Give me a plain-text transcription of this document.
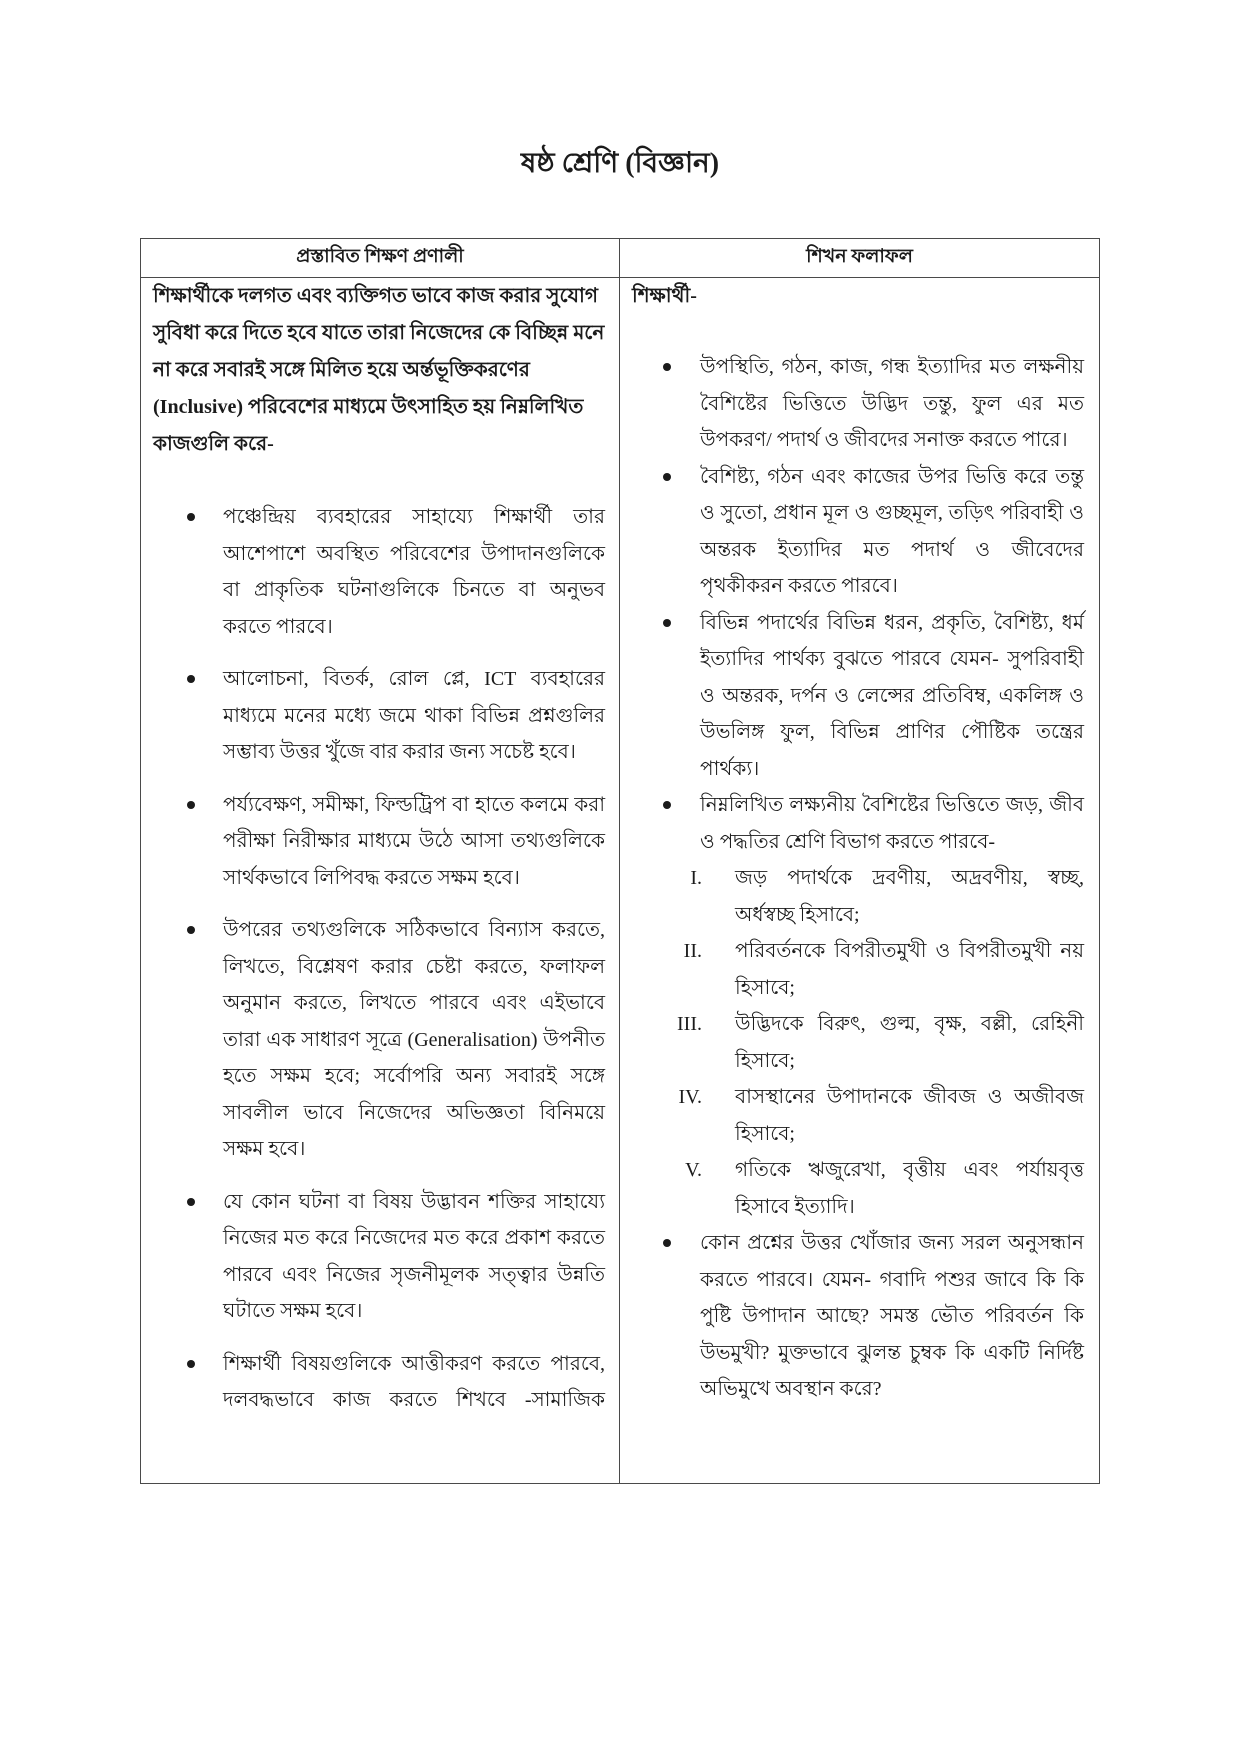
ষষ্ঠ শ্রেণি (বিজ্ঞান)
প্রস্তাবিত শিক্ষণ প্রণালী	শিখন ফলাফল

শিক্ষার্থীকে দলগত এবং ব্যক্তিগত ভাবে কাজ করার সুযোগ সুবিধা করে দিতে হবে যাতে তারা নিজেদের কে বিচ্ছিন্ন মনে না করে সবারই সঙ্গে মিলিত হয়ে অর্ন্তভূক্তিকরণের (Inclusive) পরিবেশের মাধ্যমে উৎসাহিত হয় নিম্নলিখিত কাজগুলি করে-

পঞ্চেন্দ্রিয় ব্যবহারের সাহায্যে শিক্ষার্থী তার আশেপাশে অবস্থিত পরিবেশের উপাদানগুলিকে বা প্রাকৃতিক ঘটনাগুলিকে চিনতে বা অনুভব করতে পারবে।
আলোচনা, বিতর্ক, রোল প্লে, ICT ব্যবহারের মাধ্যমে মনের মধ্যে জমে থাকা বিভিন্ন প্রশ্নগুলির সম্ভাব্য উত্তর খুঁজে বার করার জন্য সচেষ্ট হবে।
পর্য্যবেক্ষণ, সমীক্ষা, ফিল্ডট্রিপ বা হাতে কলমে করা পরীক্ষা নিরীক্ষার মাধ্যমে উঠে আসা তথ্যগুলিকে সার্থকভাবে লিপিবদ্ধ করতে সক্ষম হবে।
উপরের তথ্যগুলিকে সঠিকভাবে বিন্যাস করতে, লিখতে, বিশ্লেষণ করার চেষ্টা করতে, ফলাফল অনুমান করতে, লিখতে পারবে এবং এইভাবে তারা এক সাধারণ সূত্রে (Generalisation) উপনীত হতে সক্ষম হবে; সর্বোপরি অন্য সবারই সঙ্গে সাবলীল ভাবে নিজেদের অভিজ্ঞতা বিনিময়ে সক্ষম হবে।
যে কোন ঘটনা বা বিষয় উদ্ভাবন শক্তির সাহায্যে নিজের মত করে নিজেদের মত করে প্রকাশ করতে পারবে এবং নিজের সৃজনীমূলক সত্ত্বার উন্নতি ঘটাতে সক্ষম হবে।
শিক্ষার্থী বিষয়গুলিকে আত্তীকরণ করতে পারবে, দলবদ্ধভাবে কাজ করতে শিখবে -সামাজিক

শিক্ষার্থী-

উপস্থিতি, গঠন, কাজ, গন্ধ ইত্যাদির মত লক্ষনীয় বৈশিষ্টের ভিত্তিতে উদ্ভিদ তন্তু, ফুল এর মত উপকরণ/ পদার্থ ও জীবদের সনাক্ত করতে পারে।
বৈশিষ্ট্য, গঠন এবং কাজের উপর ভিত্তি করে তন্তু ও সুতো, প্রধান মূল ও গুচ্ছমূল, তড়িৎ পরিবাহী ও অন্তরক ইত্যাদির মত পদার্থ ও জীবেদের পৃথকীকরন করতে পারবে।
বিভিন্ন পদার্থের বিভিন্ন ধরন, প্রকৃতি, বৈশিষ্ট্য, ধর্ম ইত্যাদির পার্থক্য বুঝতে পারবে যেমন- সুপরিবাহী ও অন্তরক, দর্পন ও লেন্সের প্রতিবিম্ব, একলিঙ্গ ও উভলিঙ্গ ফুল, বিভিন্ন প্রাণির পৌষ্টিক তন্ত্রের পার্থক্য।
নিম্নলিখিত লক্ষ্যনীয় বৈশিষ্টের ভিত্তিতে জড়, জীব ও পদ্ধতির শ্রেণি বিভাগ করতে পারবে-
I. জড় পদার্থকে দ্রবণীয়, অদ্রবণীয়, স্বচ্ছ, অর্ধস্বচ্ছ হিসাবে;
II. পরিবর্তনকে বিপরীতমুখী ও বিপরীতমুখী নয় হিসাবে;
III. উদ্ভিদকে বিরুৎ, গুল্ম, বৃক্ষ, বল্লী, রেহিনী হিসাবে;
IV. বাসস্থানের উপাদানকে জীবজ ও অজীবজ হিসাবে;
V. গতিকে ঋজুরেখা, বৃত্তীয় এবং পর্যায়বৃত্ত হিসাবে ইত্যাদি।
কোন প্রশ্নের উত্তর খোঁজার জন্য সরল অনুসন্ধান করতে পারবে। যেমন- গবাদি পশুর জাবে কি কি পুষ্টি উপাদান আছে? সমস্ত ভৌত পরিবর্তন কি উভমুখী? মুক্তভাবে ঝুলন্ত চুম্বক কি একটি নির্দিষ্ট অভিমুখে অবস্থান করে?
